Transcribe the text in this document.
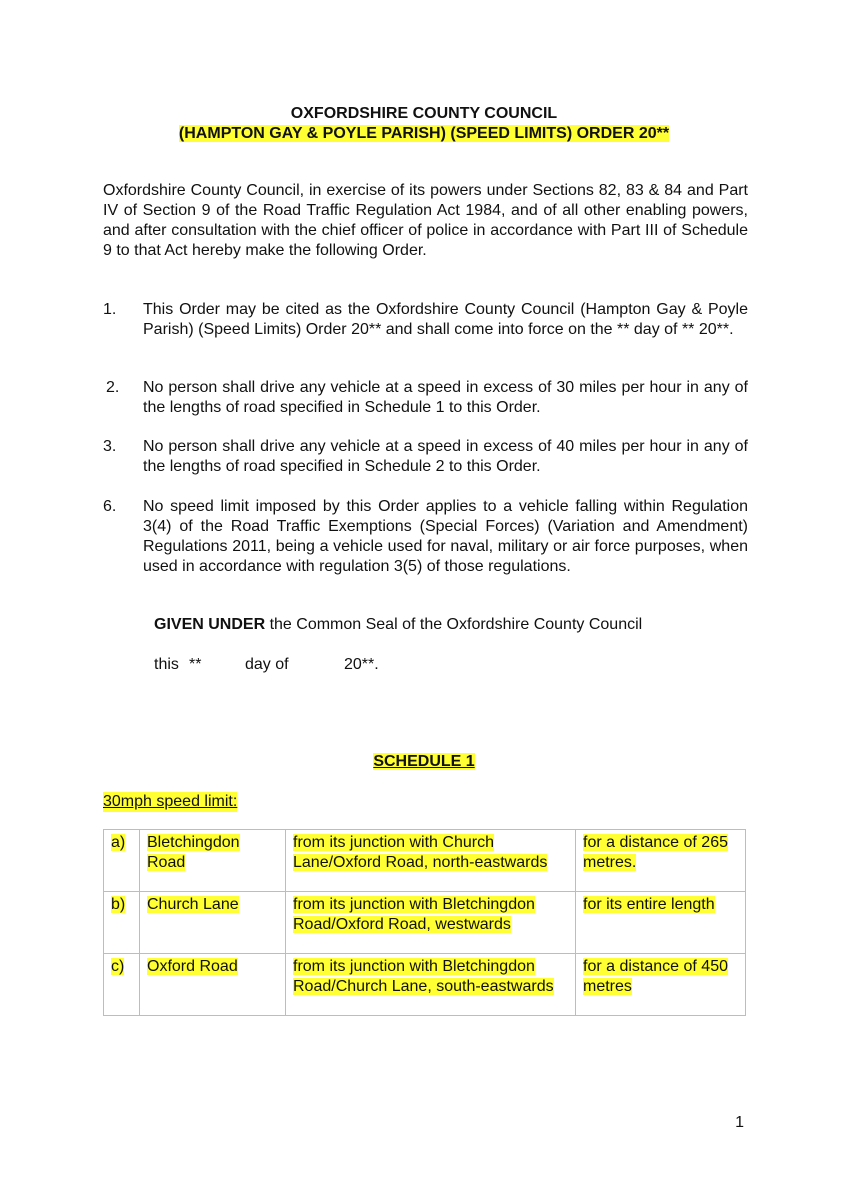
OXFORDSHIRE COUNTY COUNCIL
(HAMPTON GAY & POYLE PARISH) (SPEED LIMITS) ORDER 20**
Oxfordshire County Council, in exercise of its powers under Sections 82, 83 & 84 and Part IV of Section 9 of the Road Traffic Regulation Act 1984, and of all other enabling powers, and after consultation with the chief officer of police in accordance with Part III of Schedule 9 to that Act hereby make the following Order.
1. This Order may be cited as the Oxfordshire County Council (Hampton Gay & Poyle Parish) (Speed Limits) Order 20** and shall come into force on the ** day of ** 20**.
2. No person shall drive any vehicle at a speed in excess of 30 miles per hour in any of the lengths of road specified in Schedule 1 to this Order.
3. No person shall drive any vehicle at a speed in excess of 40 miles per hour in any of the lengths of road specified in Schedule 2 to this Order.
6. No speed limit imposed by this Order applies to a vehicle falling within Regulation 3(4) of the Road Traffic Exemptions (Special Forces) (Variation and Amendment) Regulations 2011, being a vehicle used for naval, military or air force purposes, when used in accordance with regulation 3(5) of those regulations.
GIVEN UNDER the Common Seal of the Oxfordshire County Council
this **	day of	20**.
SCHEDULE 1
30mph speed limit:
a)	Bletchingdon Road	from its junction with Church Lane/Oxford Road, north-eastwards	for a distance of 265 metres.
b)	Church Lane	from its junction with Bletchingdon Road/Oxford Road, westwards	for its entire length
c)	Oxford Road	from its junction with Bletchingdon Road/Church Lane, south-eastwards	for a distance of 450 metres
1
